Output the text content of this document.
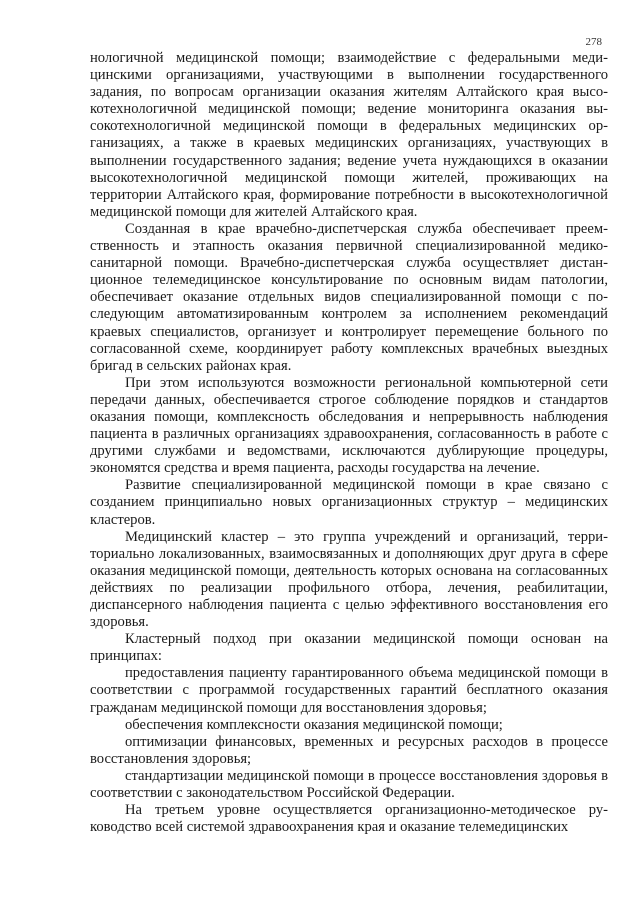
278

нологичной медицинской помощи; взаимодействие с федеральными медицинскими организациями, участвующими в выполнении государственного задания, по вопросам организации оказания жителям Алтайского края высокотехнологичной медицинской помощи; ведение мониторинга оказания высокотехнологичной медицинской помощи в федеральных медицинских организациях, а также в краевых медицинских организациях, участвующих в выполнении государственного задания; ведение учета нуждающихся в оказании высокотехнологичной медицинской помощи жителей, проживающих на территории Алтайского края, формирование потребности в высокотехнологичной медицинской помощи для жителей Алтайского края.

Созданная в крае врачебно-диспетчерская служба обеспечивает преемственность и этапность оказания первичной специализированной медикосанитарной помощи. Врачебно-диспетчерская служба осуществляет дистанционное телемедицинское консультирование по основным видам патологии, обеспечивает оказание отдельных видов специализированной помощи с последующим автоматизированным контролем за исполнением рекомендаций краевых специалистов, организует и контролирует перемещение больного по согласованной схеме, координирует работу комплексных врачебных выездных бригад в сельских районах края.

При этом используются возможности региональной компьютерной сети передачи данных, обеспечивается строгое соблюдение порядков и стандартов оказания помощи, комплексность обследования и непрерывность наблюдения пациента в различных организациях здравоохранения, согласованность в работе с другими службами и ведомствами, исключаются дублирующие процедуры, экономятся средства и время пациента, расходы государства на лечение.

Развитие специализированной медицинской помощи в крае связано с созданием принципиально новых организационных структур – медицинских кластеров.

Медицинский кластер – это группа учреждений и организаций, территориально локализованных, взаимосвязанных и дополняющих друг друга в сфере оказания медицинской помощи, деятельность которых основана на согласованных действиях по реализации профильного отбора, лечения, реабилитации, диспансерного наблюдения пациента с целью эффективного восстановления его здоровья.

Кластерный подход при оказании медицинской помощи основан на принципах:

предоставления пациенту гарантированного объема медицинской помощи в соответствии с программой государственных гарантий бесплатного оказания гражданам медицинской помощи для восстановления здоровья;

обеспечения комплексности оказания медицинской помощи;

оптимизации финансовых, временных и ресурсных расходов в процессе восстановления здоровья;

стандартизации медицинской помощи в процессе восстановления здоровья в соответствии с законодательством Российской Федерации.

На третьем уровне осуществляется организационно-методическое руководство всей системой здравоохранения края и оказание телемедицинских
